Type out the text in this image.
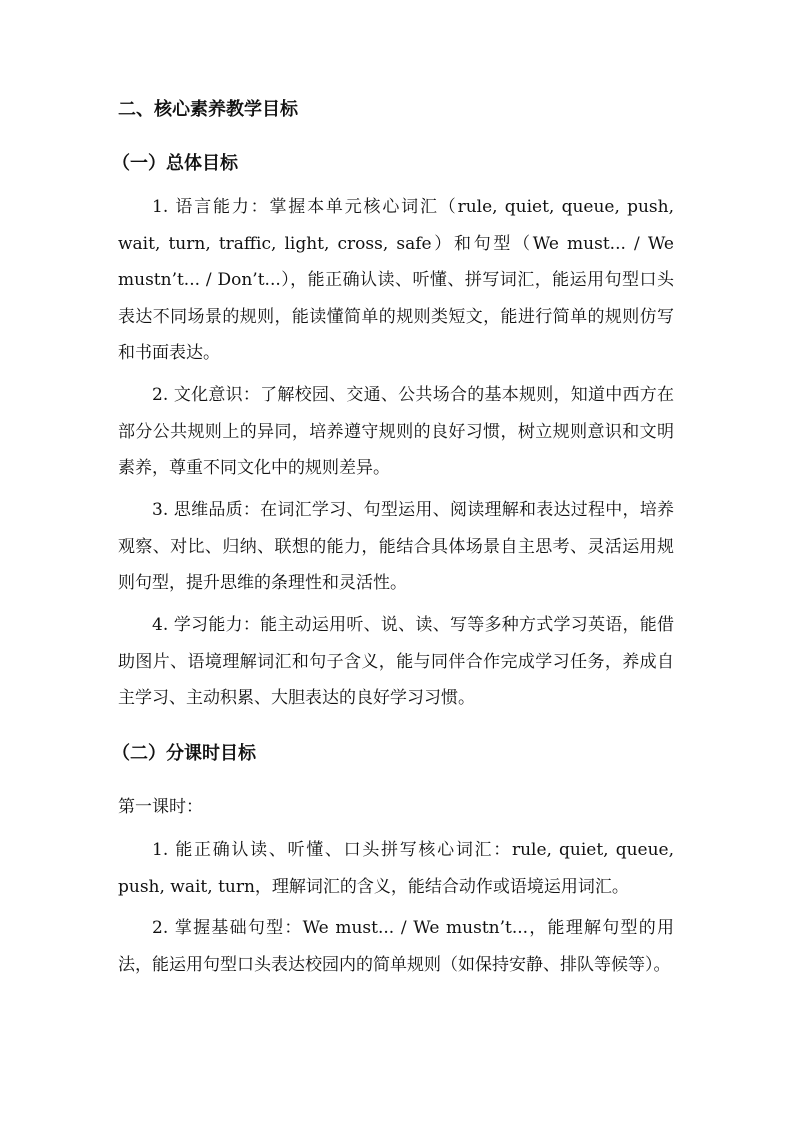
二、核心素养教学目标
（一）总体目标
1. 语言能力：掌握本单元核心词汇（rule, quiet, queue, push, wait, turn, traffic, light, cross, safe）和句型（We must... / We mustn’t... / Don’t...），能正确认读、听懂、拼写词汇，能运用句型口头表达不同场景的规则，能读懂简单的规则类短文，能进行简单的规则仿写和书面表达。
2. 文化意识：了解校园、交通、公共场合的基本规则，知道中西方在部分公共规则上的异同，培养遵守规则的良好习惯，树立规则意识和文明素养，尊重不同文化中的规则差异。
3. 思维品质：在词汇学习、句型运用、阅读理解和表达过程中，培养观察、对比、归纳、联想的能力，能结合具体场景自主思考、灵活运用规则句型，提升思维的条理性和灵活性。
4. 学习能力：能主动运用听、说、读、写等多种方式学习英语，能借助图片、语境理解词汇和句子含义，能与同伴合作完成学习任务，养成自主学习、主动积累、大胆表达的良好学习习惯。
（二）分课时目标
第一课时：
1. 能正确认读、听懂、口头拼写核心词汇：rule, quiet, queue, push, wait, turn，理解词汇的含义，能结合动作或语境运用词汇。
2. 掌握基础句型：We must... / We mustn’t...，能理解句型的用法，能运用句型口头表达校园内的简单规则（如保持安静、排队等候等）。
